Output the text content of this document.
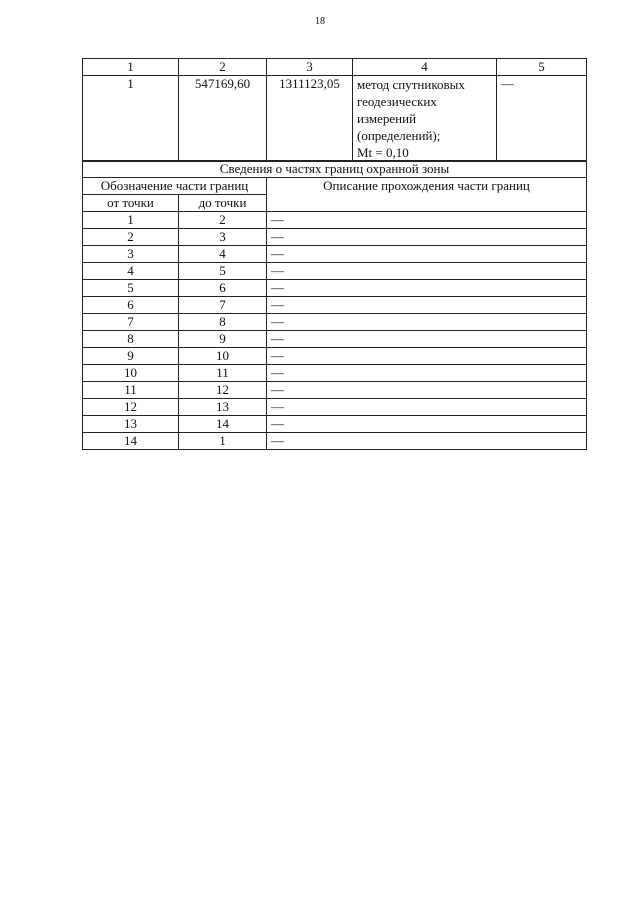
18
1	2	3	4	5
1	547169,60	1311123,05	метод спутниковых
геодезических
измерений
(определений);
Mt = 0,10	—
Сведения о частях границ охранной зоны		
Обозначение части границ		Описание прохождения части границ
от точки	до точки	
1	2	—
2	3	—
3	4	—
4	5	—
5	6	—
6	7	—
7	8	—
8	9	—
9	10	—
10	11	—
11	12	—
12	13	—
13	14	—
14	1	—
